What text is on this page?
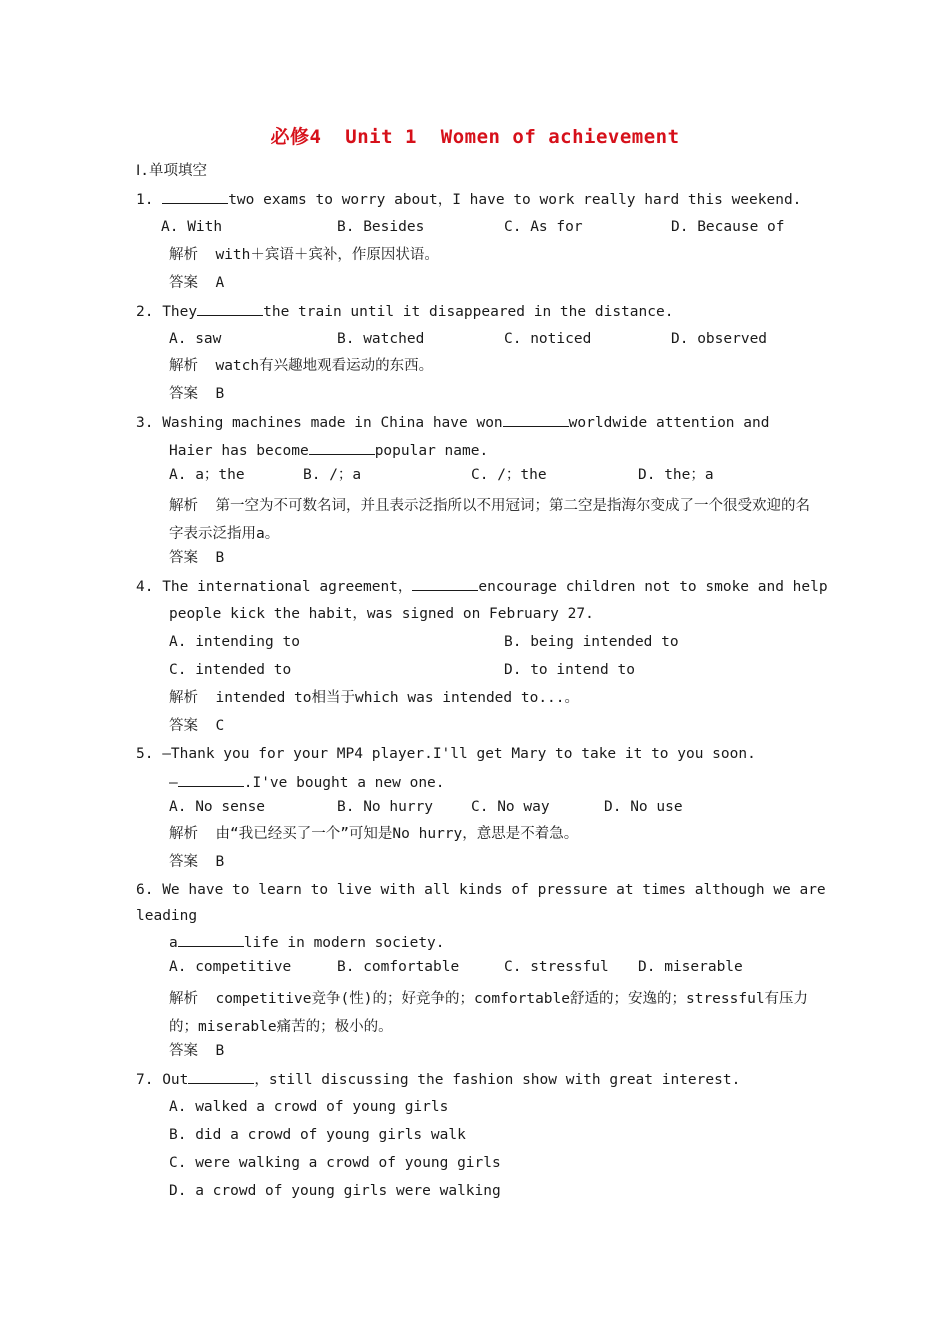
必修4  Unit 1  Women of achievement
Ⅰ.单项填空
1.	two exams to worry about，I have to work really hard this weekend.
A. With	B. Besides	C. As for	D. Because of
解析 with＋宾语＋宾补，作原因状语。
答案 A
2. They	the train until it disappeared in the distance.
A. saw	B. watched	C. noticed	D. observed
解析 watch有兴趣地观看运动的东西。
答案 B
3. Washing machines made in China have won	worldwide attention and
Haier has become	popular name.
A. a；the	B. /；a	C. /；the	D. the；a
解析 第一空为不可数名词，并且表示泛指所以不用冠词；第二空是指海尔变成了一个很受欢迎的名字表示泛指用a。
答案 B
4. The international agreement，	encourage children not to smoke and help
people kick the habit，was signed on February 27.
A. intending to	B. being intended to
C. intended to	D. to intend to
解析 intended to相当于which was intended to...。
答案 C
5. —Thank you for your MP4 player.I'll get Mary to take it to you soon.
—	.I've bought a new one.
A. No sense	B. No hurry	C. No way	D. No use
解析 由“我已经买了一个”可知是No hurry，意思是不着急。
答案 B
6. We have to learn to live with all kinds of pressure at times although we are
leading
a	life in modern society.
A. competitive	B. comfortable	C. stressful D. miserable
解析 competitive竞争(性)的；好竞争的；comfortable舒适的；安逸的；stressful有压力的；miserable痛苦的；极小的。
答案 B
7. Out	，still discussing the fashion show with great interest.
A. walked a crowd of young girls
B. did a crowd of young girls walk
C. were walking a crowd of young girls
D. a crowd of young girls were walking
